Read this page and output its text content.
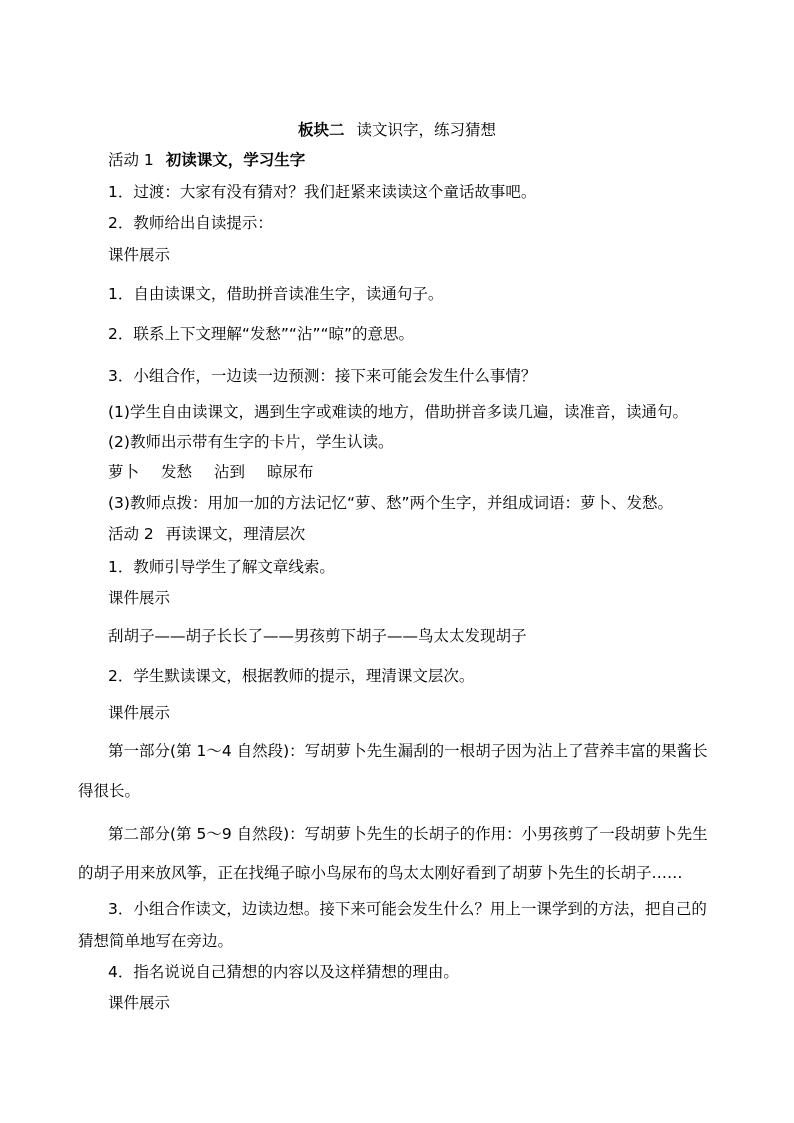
板块二 读文识字，练习猜想
活动 1 初读课文，学习生字
1．过渡：大家有没有猜对？我们赶紧来读读这个童话故事吧。
2．教师给出自读提示：
课件展示
1．自由读课文，借助拼音读准生字，读通句子。
2．联系上下文理解“发愁”“沾”“晾”的意思。
3．小组合作，一边读一边预测：接下来可能会发生什么事情？
(1)学生自由读课文，遇到生字或难读的地方，借助拼音多读几遍，读准音，读通句。
(2)教师出示带有生字的卡片，学生认读。
萝卜 发愁 沾到 晾尿布
(3)教师点拨：用加一加的方法记忆“萝、愁”两个生字，并组成词语：萝卜、发愁。
活动 2 再读课文，理清层次
1．教师引导学生了解文章线索。
课件展示
刮胡子——胡子长长了——男孩剪下胡子——鸟太太发现胡子
2．学生默读课文，根据教师的提示，理清课文层次。
课件展示
第一部分(第 1～4 自然段)：写胡萝卜先生漏刮的一根胡子因为沾上了营养丰富的果酱长
得很长。
第二部分(第 5～9 自然段)：写胡萝卜先生的长胡子的作用：小男孩剪了一段胡萝卜先生
的胡子用来放风筝，正在找绳子晾小鸟尿布的鸟太太刚好看到了胡萝卜先生的长胡子……
3．小组合作读文，边读边想。接下来可能会发生什么？用上一课学到的方法，把自己的
猜想简单地写在旁边。
4．指名说说自己猜想的内容以及这样猜想的理由。
课件展示
